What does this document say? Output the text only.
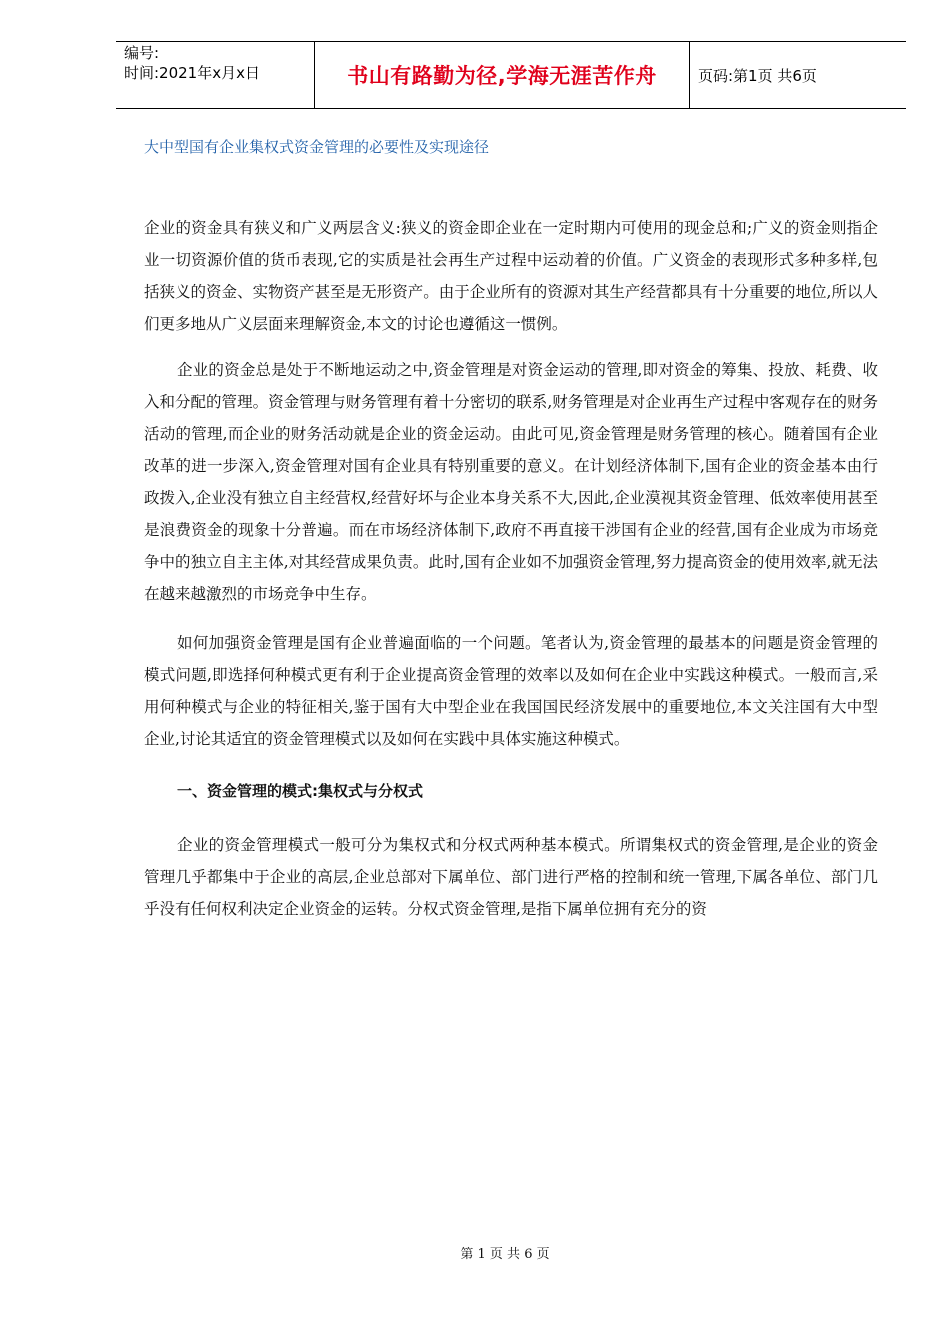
编号:
时间:2021年x月x日	书山有路勤为径,学海无涯苦作舟	页码:第1页 共6页
大中型国有企业集权式资金管理的必要性及实现途径

企业的资金具有狭义和广义两层含义:狭义的资金即企业在一定时期内可使用的现金总和;广义的资金则指企业一切资源价值的货币表现,它的实质是社会再生产过程中运动着的价值。广义资金的表现形式多种多样,包括狭义的资金、实物资产甚至是无形资产。由于企业所有的资源对其生产经营都具有十分重要的地位,所以人们更多地从广义层面来理解资金,本文的讨论也遵循这一惯例。

企业的资金总是处于不断地运动之中,资金管理是对资金运动的管理,即对资金的筹集、投放、耗费、收入和分配的管理。资金管理与财务管理有着十分密切的联系,财务管理是对企业再生产过程中客观存在的财务活动的管理,而企业的财务活动就是企业的资金运动。由此可见,资金管理是财务管理的核心。随着国有企业改革的进一步深入,资金管理对国有企业具有特别重要的意义。在计划经济体制下,国有企业的资金基本由行政拨入,企业没有独立自主经营权,经营好坏与企业本身关系不大,因此,企业漠视其资金管理、低效率使用甚至是浪费资金的现象十分普遍。而在市场经济体制下,政府不再直接干涉国有企业的经营,国有企业成为市场竞争中的独立自主主体,对其经营成果负责。此时,国有企业如不加强资金管理,努力提高资金的使用效率,就无法在越来越激烈的市场竞争中生存。

如何加强资金管理是国有企业普遍面临的一个问题。笔者认为,资金管理的最基本的问题是资金管理的模式问题,即选择何种模式更有利于企业提高资金管理的效率以及如何在企业中实践这种模式。一般而言,采用何种模式与企业的特征相关,鉴于国有大中型企业在我国国民经济发展中的重要地位,本文关注国有大中型企业,讨论其适宜的资金管理模式以及如何在实践中具体实施这种模式。

一、资金管理的模式:集权式与分权式

企业的资金管理模式一般可分为集权式和分权式两种基本模式。所谓集权式的资金管理,是企业的资金管理几乎都集中于企业的高层,企业总部对下属单位、部门进行严格的控制和统一管理,下属各单位、部门几乎没有任何权利决定企业资金的运转。分权式资金管理,是指下属单位拥有充分的资

第 1 页 共 6 页
